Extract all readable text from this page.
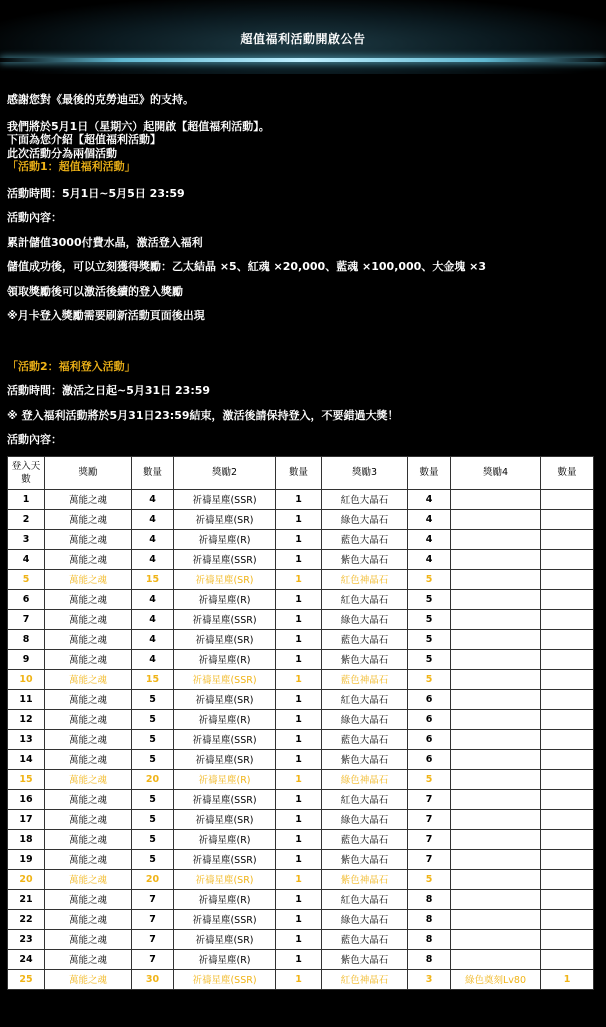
超值福利活動開啟公告
感謝您對《最後的克勞迪亞》的支持。
我們將於5月1日（星期六）起開啟【超值福利活動】。
下面為您介紹【超值福利活動】
此次活動分為兩個活動
「活動1：超值福利活動」
活動時間：5月1日~5月5日 23:59
活動內容：
累計儲值3000付費水晶，激活登入福利
儲值成功後，可以立刻獲得獎勵：乙太結晶 ×5、紅魂 ×20,000、藍魂 ×100,000、大金塊 ×3
領取獎勵後可以激活後續的登入獎勵
※月卡登入獎勵需要刷新活動頁面後出現
「活動2：福利登入活動」
活動時間：激活之日起~5月31日 23:59
※ 登入福利活動將於5月31日23:59結束，激活後請保持登入，不要錯過大獎！
活動內容：
登入天數	獎勵	數量	獎勵2	數量	獎勵3	數量	獎勵4	數量
1	萬能之魂	4	祈禱星塵(SSR)	1	紅色大晶石	4		
2	萬能之魂	4	祈禱星塵(SR)	1	綠色大晶石	4		
3	萬能之魂	4	祈禱星塵(R)	1	藍色大晶石	4		
4	萬能之魂	4	祈禱星塵(SSR)	1	紫色大晶石	4		
5	萬能之魂	15	祈禱星塵(SR)	1	紅色神晶石	5		
6	萬能之魂	4	祈禱星塵(R)	1	紅色大晶石	5		
7	萬能之魂	4	祈禱星塵(SSR)	1	綠色大晶石	5		
8	萬能之魂	4	祈禱星塵(SR)	1	藍色大晶石	5		
9	萬能之魂	4	祈禱星塵(R)	1	紫色大晶石	5		
10	萬能之魂	15	祈禱星塵(SSR)	1	藍色神晶石	5		
11	萬能之魂	5	祈禱星塵(SR)	1	紅色大晶石	6		
12	萬能之魂	5	祈禱星塵(R)	1	綠色大晶石	6		
13	萬能之魂	5	祈禱星塵(SSR)	1	藍色大晶石	6		
14	萬能之魂	5	祈禱星塵(SR)	1	紫色大晶石	6		
15	萬能之魂	20	祈禱星塵(R)	1	綠色神晶石	5		
16	萬能之魂	5	祈禱星塵(SSR)	1	紅色大晶石	7		
17	萬能之魂	5	祈禱星塵(SR)	1	綠色大晶石	7		
18	萬能之魂	5	祈禱星塵(R)	1	藍色大晶石	7		
19	萬能之魂	5	祈禱星塵(SSR)	1	紫色大晶石	7		
20	萬能之魂	20	祈禱星塵(SR)	1	紫色神晶石	5		
21	萬能之魂	7	祈禱星塵(R)	1	紅色大晶石	8		
22	萬能之魂	7	祈禱星塵(SSR)	1	綠色大晶石	8		
23	萬能之魂	7	祈禱星塵(SR)	1	藍色大晶石	8		
24	萬能之魂	7	祈禱星塵(R)	1	紫色大晶石	8		
25	萬能之魂	30	祈禱星塵(SSR)	1	紅色神晶石	3	綠色奠刻Lv80	1
